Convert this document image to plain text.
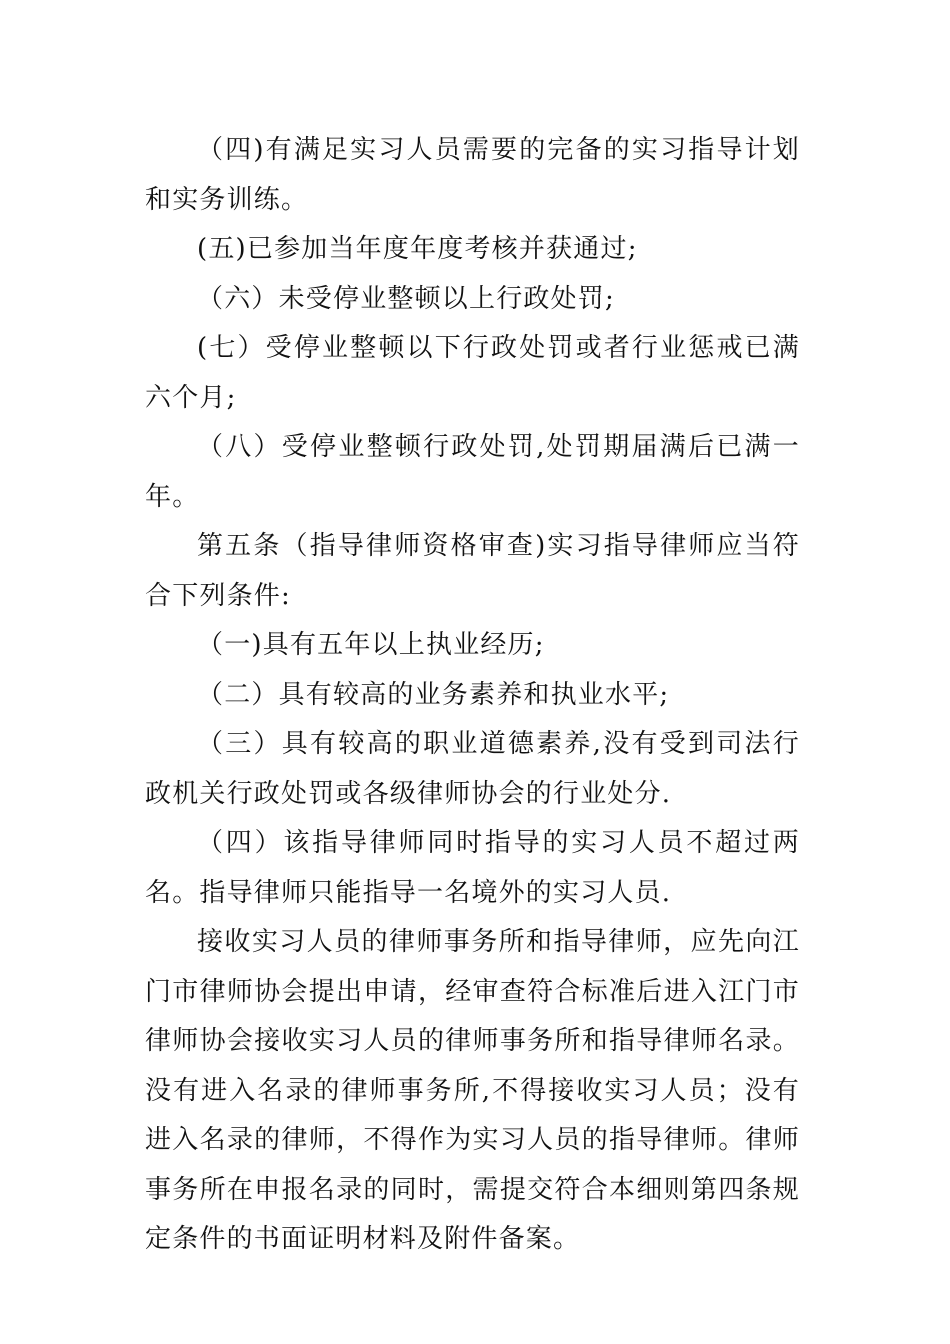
（四)有满足实习人员需要的完备的实习指导计划和实务训练。

(五)已参加当年度年度考核并获通过;

（六）未受停业整顿以上行政处罚;

(七）受停业整顿以下行政处罚或者行业惩戒已满六个月;

（八）受停业整顿行政处罚,处罚期届满后已满一年。

第五条（指导律师资格审查)实习指导律师应当符合下列条件:

（一)具有五年以上执业经历;

（二）具有较高的业务素养和执业水平;

（三）具有较高的职业道德素养,没有受到司法行政机关行政处罚或各级律师协会的行业处分.

（四）该指导律师同时指导的实习人员不超过两名。指导律师只能指导一名境外的实习人员.

接收实习人员的律师事务所和指导律师，应先向江门市律师协会提出申请，经审查符合标准后进入江门市律师协会接收实习人员的律师事务所和指导律师名录。没有进入名录的律师事务所,不得接收实习人员；没有进入名录的律师，不得作为实习人员的指导律师。律师事务所在申报名录的同时，需提交符合本细则第四条规定条件的书面证明材料及附件备案。
